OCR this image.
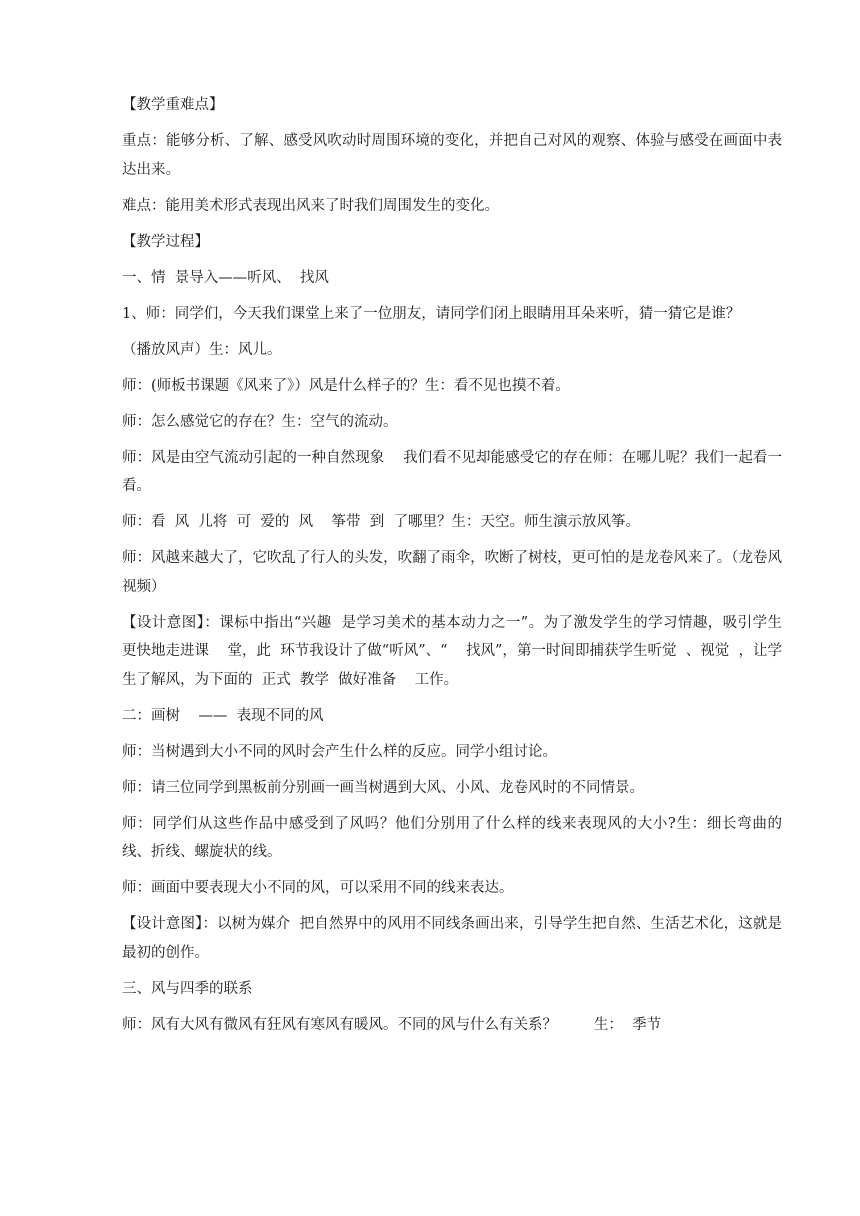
【教学重难点】

重点：能够分析、了解、感受风吹动时周围环境的变化，并把自己对风的观察、体验与感受在画面中表达出来。

难点：能用美术形式表现出风来了时我们周围发生的变化。

【教学过程】

一、情  景导入——听风、  找风

1、师：同学们，今天我们课堂上来了一位朋友，请同学们闭上眼睛用耳朵来听，猜一猜它是谁？

（播放风声）生：风儿。

师：(师板书课题《风来了》）风是什么样子的？生：看不见也摸不着。

师：怎么感觉它的存在？生：空气的流动。

师：风是由空气流动引起的一种自然现象    我们看不见却能感受它的存在师：在哪儿呢？我们一起看一看。

师：看  风  儿将  可  爱的  风    筝带  到  了哪里？生：天空。师生演示放风筝。

师：风越来越大了，它吹乱了行人的头发，吹翻了雨伞，吹断了树枝，更可怕的是龙卷风来了。（龙卷风视频）

【设计意图】：课标中指出“兴趣  是学习美术的基本动力之一”。为了激发学生的学习情趣，吸引学生    更快地走进课    堂，此  环节我设计了做“听风”、“    找风”，第一时间即捕获学生听觉  、视觉  ，让学生了解风，为下面的  正式  教学  做好准备    工作。

二：画树    ——  表现不同的风

师：当树遇到大小不同的风时会产生什么样的反应。同学小组讨论。

师：请三位同学到黑板前分别画一画当树遇到大风、小风、龙卷风时的不同情景。

师：同学们从这些作品中感受到了风吗？他们分别用了什么样的线来表现风的大小?生：细长弯曲的线、折线、螺旋状的线。

师：画面中要表现大小不同的风，可以采用不同的线来表达。

【设计意图】：以树为媒介  把自然界中的风用不同线条画出来，引导学生把自然、生活艺术化，这就是最初的创作。

三、风与四季的联系

师：风有大风有微风有狂风有寒风有暖风。不同的风与什么有关系？        生：  季节
